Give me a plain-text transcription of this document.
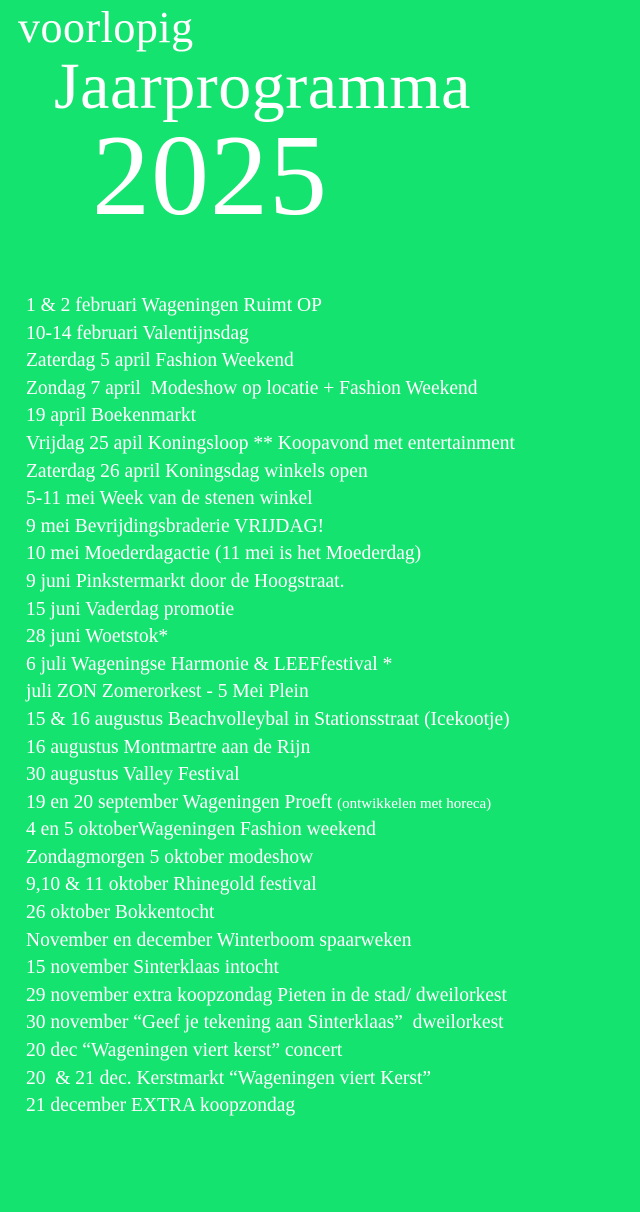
voorlopig
Jaarprogramma
2025
1 & 2 februari Wageningen Ruimt OP
10-14 februari Valentijnsdag
Zaterdag 5 april Fashion Weekend
Zondag 7 april  Modeshow op locatie + Fashion Weekend
19 april Boekenmarkt
Vrijdag 25 apil Koningsloop ** Koopavond met entertainment
Zaterdag 26 april Koningsdag winkels open
5-11 mei Week van de stenen winkel
9 mei Bevrijdingsbraderie VRIJDAG!
10 mei Moederdagactie (11 mei is het Moederdag)
9 juni Pinkstermarkt door de Hoogstraat.
15 juni Vaderdag promotie
28 juni Woetstok*
6 juli Wageningse Harmonie & LEEFfestival *
juli ZON Zomerorkest - 5 Mei Plein
15 & 16 augustus Beachvolleybal in Stationsstraat (Icekootje)
16 augustus Montmartre aan de Rijn
30 augustus Valley Festival
19 en 20 september Wageningen Proeft (ontwikkelen met horeca)
4 en 5 oktoberWageningen Fashion weekend
Zondagmorgen 5 oktober modeshow
9,10 & 11 oktober Rhinegold festival
26 oktober Bokkentocht
November en december Winterboom spaarweken
15 november Sinterklaas intocht
29 november extra koopzondag Pieten in de stad/ dweilorkest
30 november “Geef je tekening aan Sinterklaas”  dweilorkest
20 dec “Wageningen viert kerst” concert
20  & 21 dec. Kerstmarkt “Wageningen viert Kerst”
21 december EXTRA koopzondag
